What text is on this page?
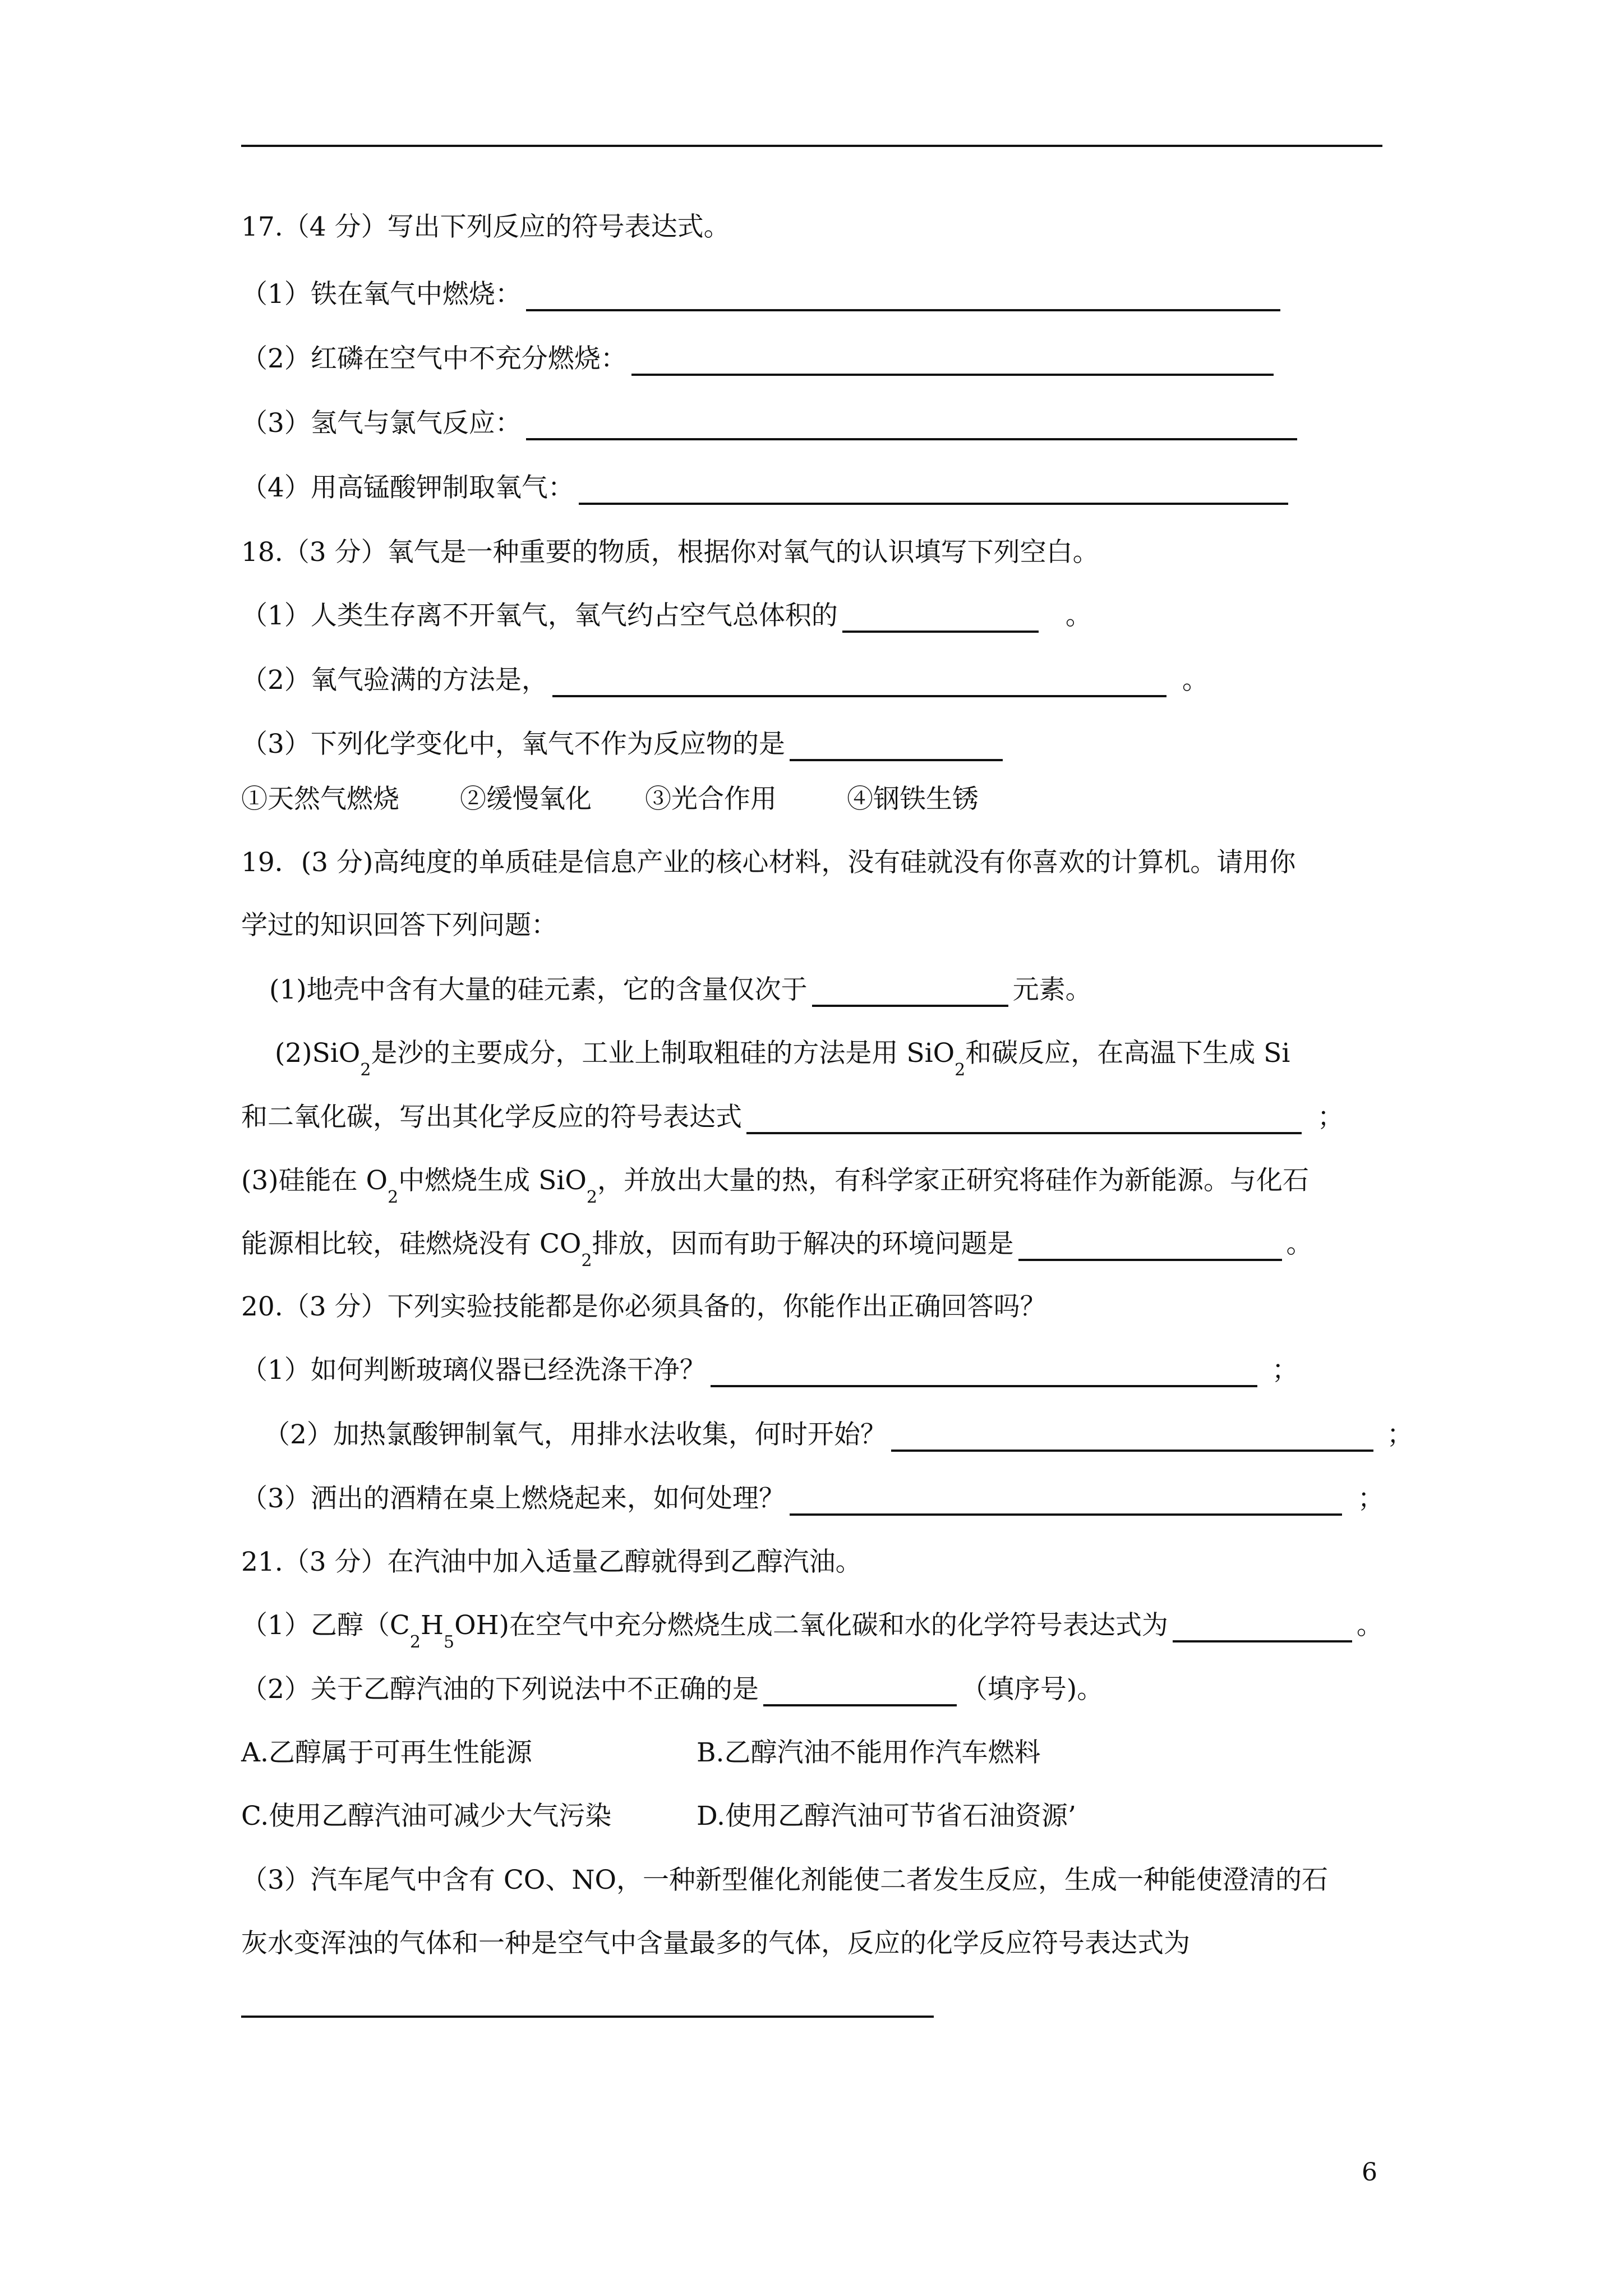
17.（4 分）写出下列反应的符号表达式。
（1）铁在氧气中燃烧：
（2）红磷在空气中不充分燃烧：
（3）氢气与氯气反应：
（4）用高锰酸钾制取氧气：
18.（3 分）氧气是一种重要的物质，根据你对氧气的认识填写下列空白。
（1）人类生存离不开氧气，氧气约占空气总体积的	。
（2）氧气验满的方法是，	。
（3）下列化学变化中，氧气不作为反应物的是
①天然气燃烧	②缓慢氧化	③光合作用	④钢铁生锈
19．(3 分)高纯度的单质硅是信息产业的核心材料，没有硅就没有你喜欢的计算机。请用你
学过的知识回答下列问题：
(1)地壳中含有大量的硅元素，它的含量仅次于	元素。
(2)SiO
2
是沙的主要成分，工业上制取粗硅的方法是用 SiO
2
和碳反应，在高温下生成 Si
和二氧化碳，写出其化学反应的符号表达式	；
(3)硅能在 O
2
中燃烧生成 SiO
2
，并放出大量的热，有科学家正研究将硅作为新能源。与化石
能源相比较，硅燃烧没有 CO
2
排放，因而有助于解决的环境问题是	。
20.（3 分）下列实验技能都是你必须具备的，你能作出正确回答吗？
（1）如何判断玻璃仪器已经洗涤干净？	；
（2）加热氯酸钾制氧气，用排水法收集，何时开始？	；
（3）洒出的酒精在桌上燃烧起来，如何处理？	；
21.（3 分）在汽油中加入适量乙醇就得到乙醇汽油。
（1）乙醇（C
2
H
5
OH)在空气中充分燃烧生成二氧化碳和水的化学符号表达式为	。
（2）关于乙醇汽油的下列说法中不正确的是	（填序号)。
A.乙醇属于可再生性能源	B.乙醇汽油不能用作汽车燃料
C.使用乙醇汽油可减少大气污染	D.使用乙醇汽油可节省石油资源’
（3）汽车尾气中含有 CO、NO，一种新型催化剂能使二者发生反应，生成一种能使澄清的石
灰水变浑浊的气体和一种是空气中含量最多的气体，反应的化学反应符号表达式为
6
